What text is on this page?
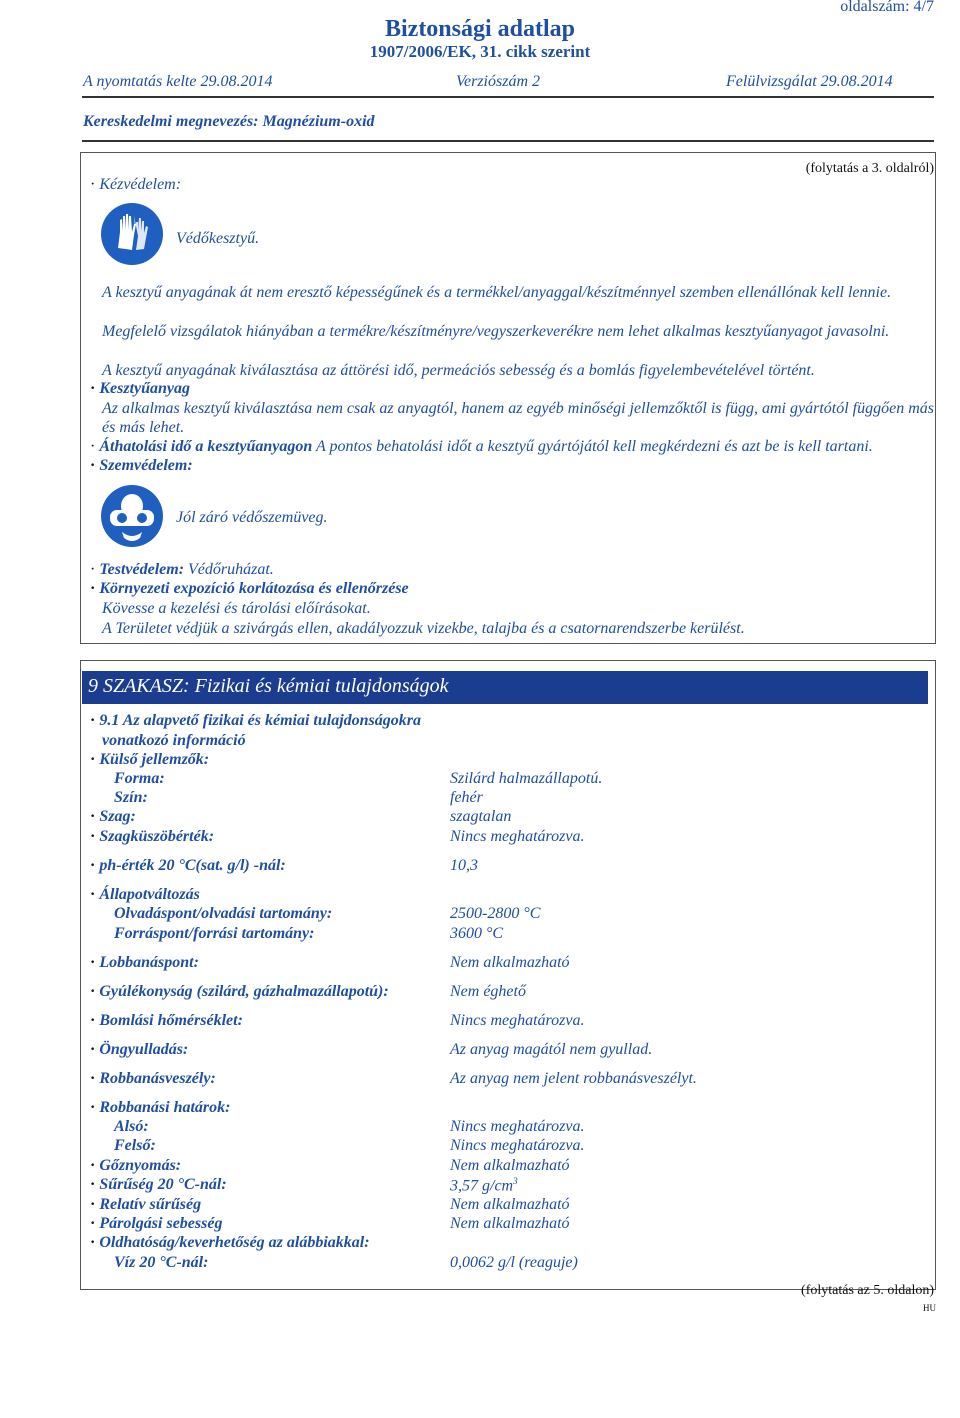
oldalszám: 4/7
Biztonsági adatlap
1907/2006/EK, 31. cikk szerint
A nyomtatás kelte 29.08.2014	Verziószám 2	Felülvizsgálat 29.08.2014
Kereskedelmi megnevezés: Magnézium-oxid
· Kézvédelem:
(folytatás a 3. oldalról)
Védőkesztyű.
A kesztyű anyagának át nem eresztő képességűnek és a termékkel/anyaggal/készítménnyel szemben ellenállónak kell lennie.
Megfelelő vizsgálatok hiányában a termékre/készítményre/vegyszerkeverékre nem lehet alkalmas kesztyűanyagot javasolni.
A kesztyű anyagának kiválasztása az áttörési idő, permeációs sebesség és a bomlás figyelembevételével történt.
· Kesztyűanyag
Az alkalmas kesztyű kiválasztása nem csak az anyagtól, hanem az egyéb minőségi jellemzőktől is függ, ami gyártótól függően más és más lehet.
· Áthatolási idő a kesztyűanyagon A pontos behatolási időt a kesztyű gyártójától kell megkérdezni és azt be is kell tartani.
· Szemvédelem:
Jól záró védőszemüveg.
· Testvédelem: Védőruházat.
· Környezeti expozíció korlátozása és ellenőrzése
Kövesse a kezelési és tárolási előírásokat.
A Területet védjük a szivárgás ellen, akadályozzuk vizekbe, talajba és a csatornarendszerbe kerülést.
9 SZAKASZ: Fizikai és kémiai tulajdonságok
· 9.1 Az alapvető fizikai és kémiai tulajdonságokra
vonatkozó információ
· Külső jellemzők:
Forma:	Szilárd halmazállapotú.
Szín:	fehér
· Szag:	szagtalan
· Szagküszöbérték:	Nincs meghatározva.
· ph-érték 20 °C(sat. g/l) -nál:	10,3
· Állapotváltozás
Olvadáspont/olvadási tartomány:	2500-2800 °C
Forráspont/forrási tartomány:	3600 °C
· Lobbanáspont:	Nem alkalmazható
· Gyúlékonyság (szilárd, gázhalmazállapotú):	Nem éghető
· Bomlási hőmérséklet:	Nincs meghatározva.
· Öngyulladás:	Az anyag magától nem gyullad.
· Robbanásveszély:	Az anyag nem jelent robbanásveszélyt.
· Robbanási határok:
Alsó:	Nincs meghatározva.
Felső:	Nincs meghatározva.
· Gőznyomás:	Nem alkalmazható
· Sűrűség 20 °C-nál:	3,57 $g/cm^3$
· Relatív sűrűség	Nem alkalmazható
· Párolgási sebesség	Nem alkalmazható
· Oldhatóság/keverhetőség az alábbiakkal:
Víz 20 °C-nál:	0,0062 g/l (reaguje)
(folytatás az 5. oldalon)
HU
